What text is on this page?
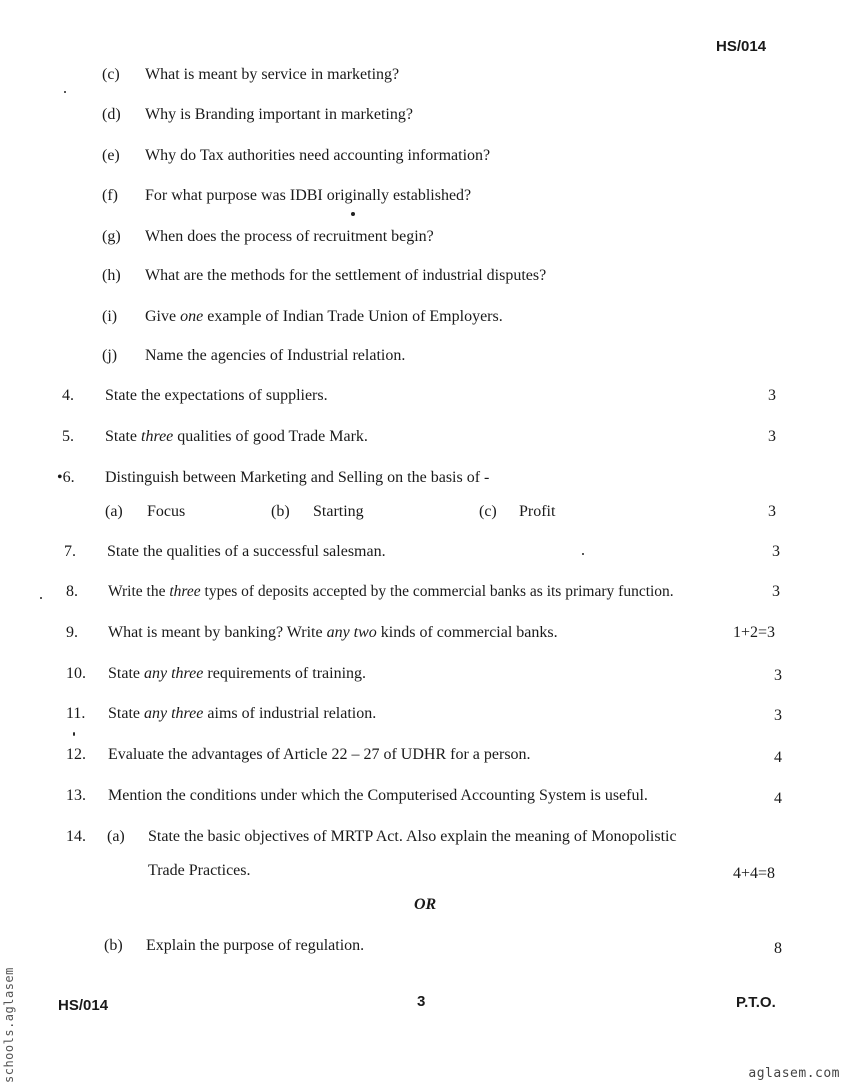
HS/014
(c) What is meant by service in marketing?
(d) Why is Branding important in marketing?
(e) Why do Tax authorities need accounting information?
(f) For what purpose was IDBI originally established?
(g) When does the process of recruitment begin?
(h) What are the methods for the settlement of industrial disputes?
(i) Give one example of Indian Trade Union of Employers.
(j) Name the agencies of Industrial relation.
4. State the expectations of suppliers.	3
5. State three qualities of good Trade Mark.	3
•6. Distinguish between Marketing and Selling on the basis of -
(a) Focus	(b) Starting	(c) Profit	3
7. State the qualities of a successful salesman.	3
8. Write the three types of deposits accepted by the commercial banks as its primary function.	3
9. What is meant by banking? Write any two kinds of commercial banks.	1+2=3
10. State any three requirements of training.	3
11. State any three aims of industrial relation.	3
12. Evaluate the advantages of Article 22 – 27 of UDHR for a person.	4
13. Mention the conditions under which the Computerised Accounting System is useful.	4
14. (a) State the basic objectives of MRTP Act. Also explain the meaning of Monopolistic
Trade Practices.	4+4=8
OR
(b) Explain the purpose of regulation.	8
HS/014	3	P.T.O.
schools.aglasem	aglasem.com
